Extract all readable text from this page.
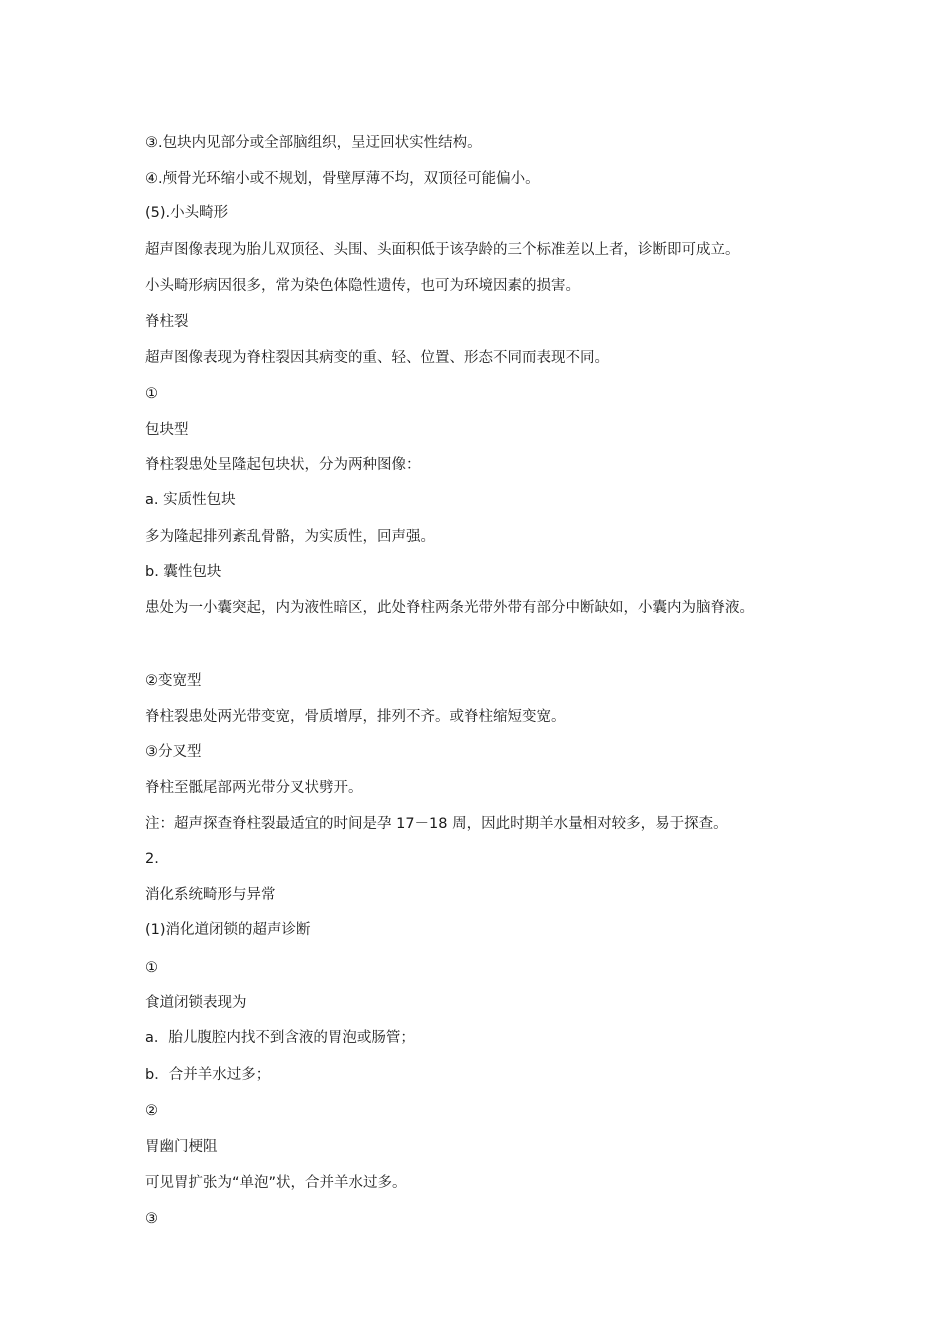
③.包块内见部分或全部脑组织，呈迂回状实性结构。
④.颅骨光环缩小或不规划，骨壁厚薄不均，双顶径可能偏小。
(5).小头畸形
超声图像表现为胎儿双顶径、头围、头面积低于该孕龄的三个标准差以上者，诊断即可成立。
小头畸形病因很多，常为染色体隐性遗传，也可为环境因素的损害。
脊柱裂
超声图像表现为脊柱裂因其病变的重、轻、位置、形态不同而表现不同。
①
包块型
脊柱裂患处呈隆起包块状，分为两种图像：
a. 实质性包块
多为隆起排列紊乱骨骼，为实质性，回声强。
b. 囊性包块
患处为一小囊突起，内为液性暗区，此处脊柱两条光带外带有部分中断缺如，小囊内为脑脊液。
②变宽型
脊柱裂患处两光带变宽，骨质增厚，排列不齐。或脊柱缩短变宽。
③分叉型
脊柱至骶尾部两光带分叉状劈开。
注：超声探查脊柱裂最适宜的时间是孕 17－18 周，因此时期羊水量相对较多，易于探查。
2.
消化系统畸形与异常
(1)消化道闭锁的超声诊断
①
食道闭锁表现为
a．胎儿腹腔内找不到含液的胃泡或肠管；
b．合并羊水过多；
②
胃幽门梗阻
可见胃扩张为“单泡”状，合并羊水过多。
③
